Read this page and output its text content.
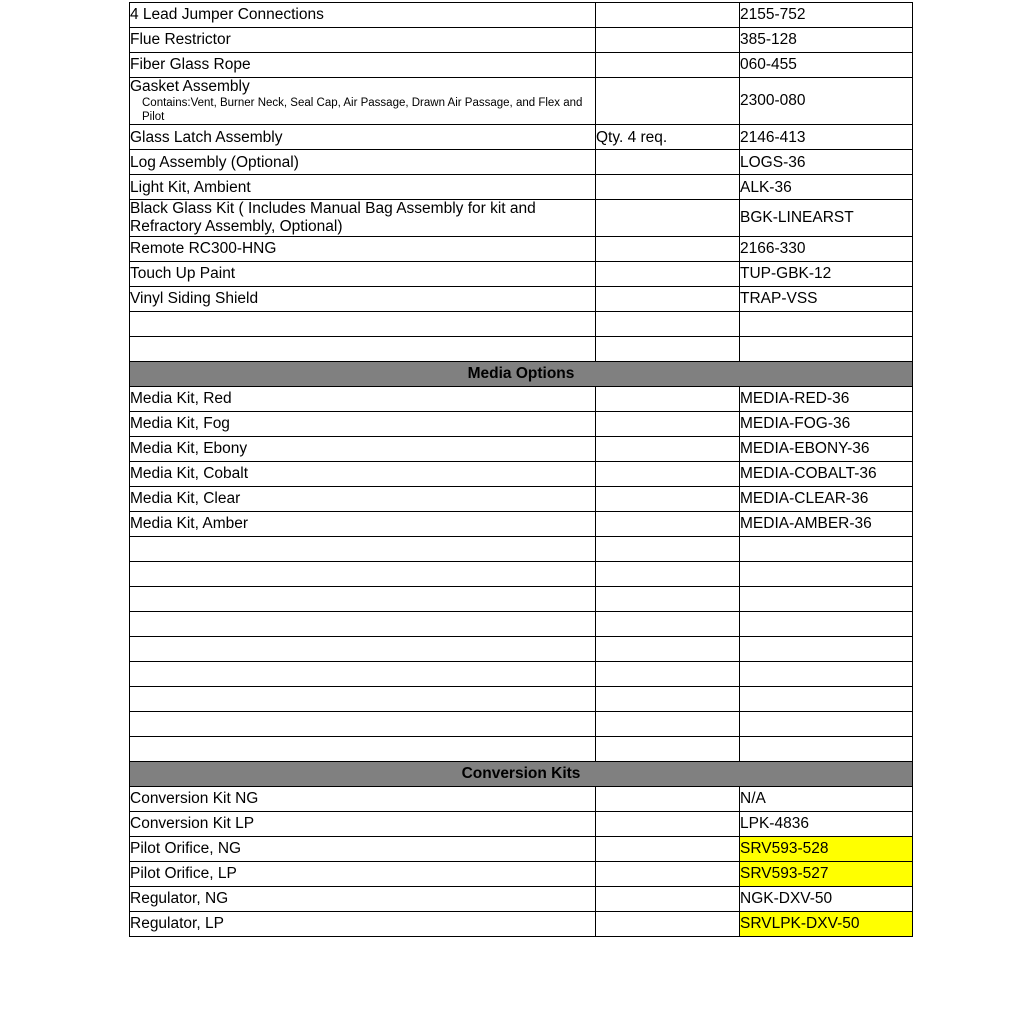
4 Lead Jumper Connections		2155-752
Flue Restrictor		385-128
Fiber Glass Rope		060-455

Gasket Assembly
Contains:Vent, Burner Neck, Seal Cap, Air Passage, Drawn Air Passage, and Flex and Pilot		2300-080
Glass Latch Assembly	Qty. 4 req.	2146-413
Log Assembly (Optional)		LOGS-36
Light Kit, Ambient		ALK-36
Black Glass Kit ( Includes Manual Bag Assembly for kit and Refractory Assembly, Optional)		BGK-LINEARST
Remote RC300-HNG		2166-330
Touch Up Paint		TUP-GBK-12
Vinyl Siding Shield		TRAP-VSS

Media Options		
Media Kit, Red		MEDIA-RED-36
Media Kit, Fog		MEDIA-FOG-36
Media Kit, Ebony		MEDIA-EBONY-36
Media Kit, Cobalt		MEDIA-COBALT-36
Media Kit, Clear		MEDIA-CLEAR-36
Media Kit, Amber		MEDIA-AMBER-36

Conversion Kits		
Conversion Kit NG		N/A
Conversion Kit LP		LPK-4836
Pilot Orifice, NG		SRV593-528
Pilot Orifice, LP		SRV593-527
Regulator, NG		NGK-DXV-50
Regulator, LP		SRVLPK-DXV-50
